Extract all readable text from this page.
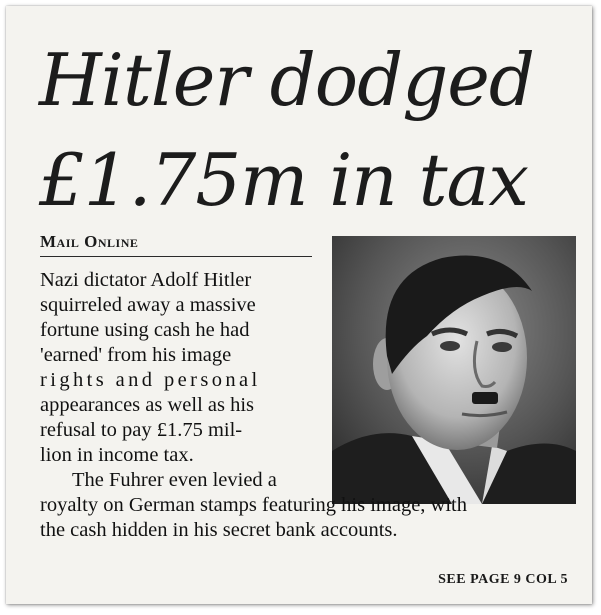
Hitler dodged
£1.75m in tax
Mail Online
Nazi dictator Adolf Hitler
squirreled away a massive
fortune using cash he had
'earned' from his image
rights and personal
appearances as well as his
refusal to pay £1.75 mil-
lion in income tax.
The Fuhrer even levied a
royalty on German stamps featuring his image, with
the cash hidden in his secret bank accounts.
SEE PAGE 9 COL 5
